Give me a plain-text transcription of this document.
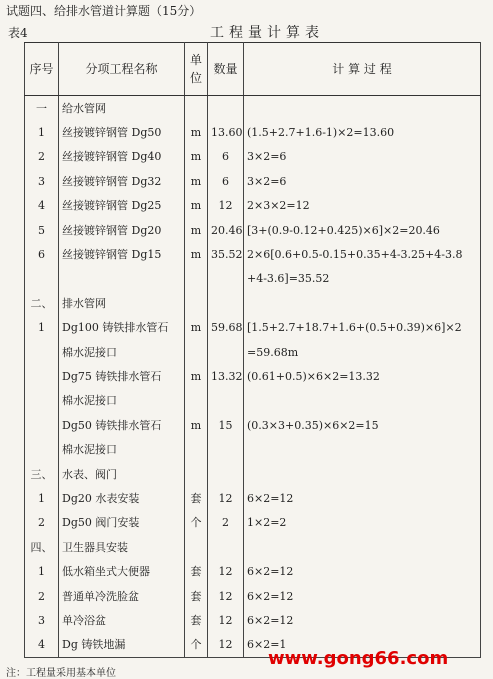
试题四、给排水管道计算题（15分）
表4	工程量计算表
序号	分项工程名称	单位	数量	计 算 过 程
一	给水管网			
1	丝接镀锌钢管 Dg50	m	13.60	(1.5+2.7+1.6-1)×2=13.60
2	丝接镀锌钢管 Dg40	m	6	3×2=6
3	丝接镀锌钢管 Dg32	m	6	3×2=6
4	丝接镀锌钢管 Dg25	m	12	2×3×2=12
5	丝接镀锌钢管 Dg20	m	20.46	[3+(0.9-0.12+0.425)×6]×2=20.46
6	丝接镀锌钢管 Dg15	m	35.52	2×6[0.6+0.5-0.15+0.35+4-3.25+4-3.8
				+4-3.6]=35.52
二、	排水管网			
1	Dg100 铸铁排水管石	m	59.68	[1.5+2.7+18.7+1.6+(0.5+0.39)×6]×2
	棉水泥接口			=59.68m
	Dg75 铸铁排水管石	m	13.32	(0.61+0.5)×6×2=13.32
	棉水泥接口			
	Dg50 铸铁排水管石	m	15	(0.3×3+0.35)×6×2=15
	棉水泥接口			
三、	水表、阀门			
1	Dg20 水表安装	套	12	6×2=12
2	Dg50 阀门安装	个	2	1×2=2
四、	卫生器具安装			
1	低水箱坐式大便器	套	12	6×2=12
2	普通单冷洗脸盆	套	12	6×2=12
3	单冷浴盆	套	12	6×2=12
4	Dg 铸铁地漏	个	12	6×2=1
注：工程量采用基本单位
www.gong66.com
